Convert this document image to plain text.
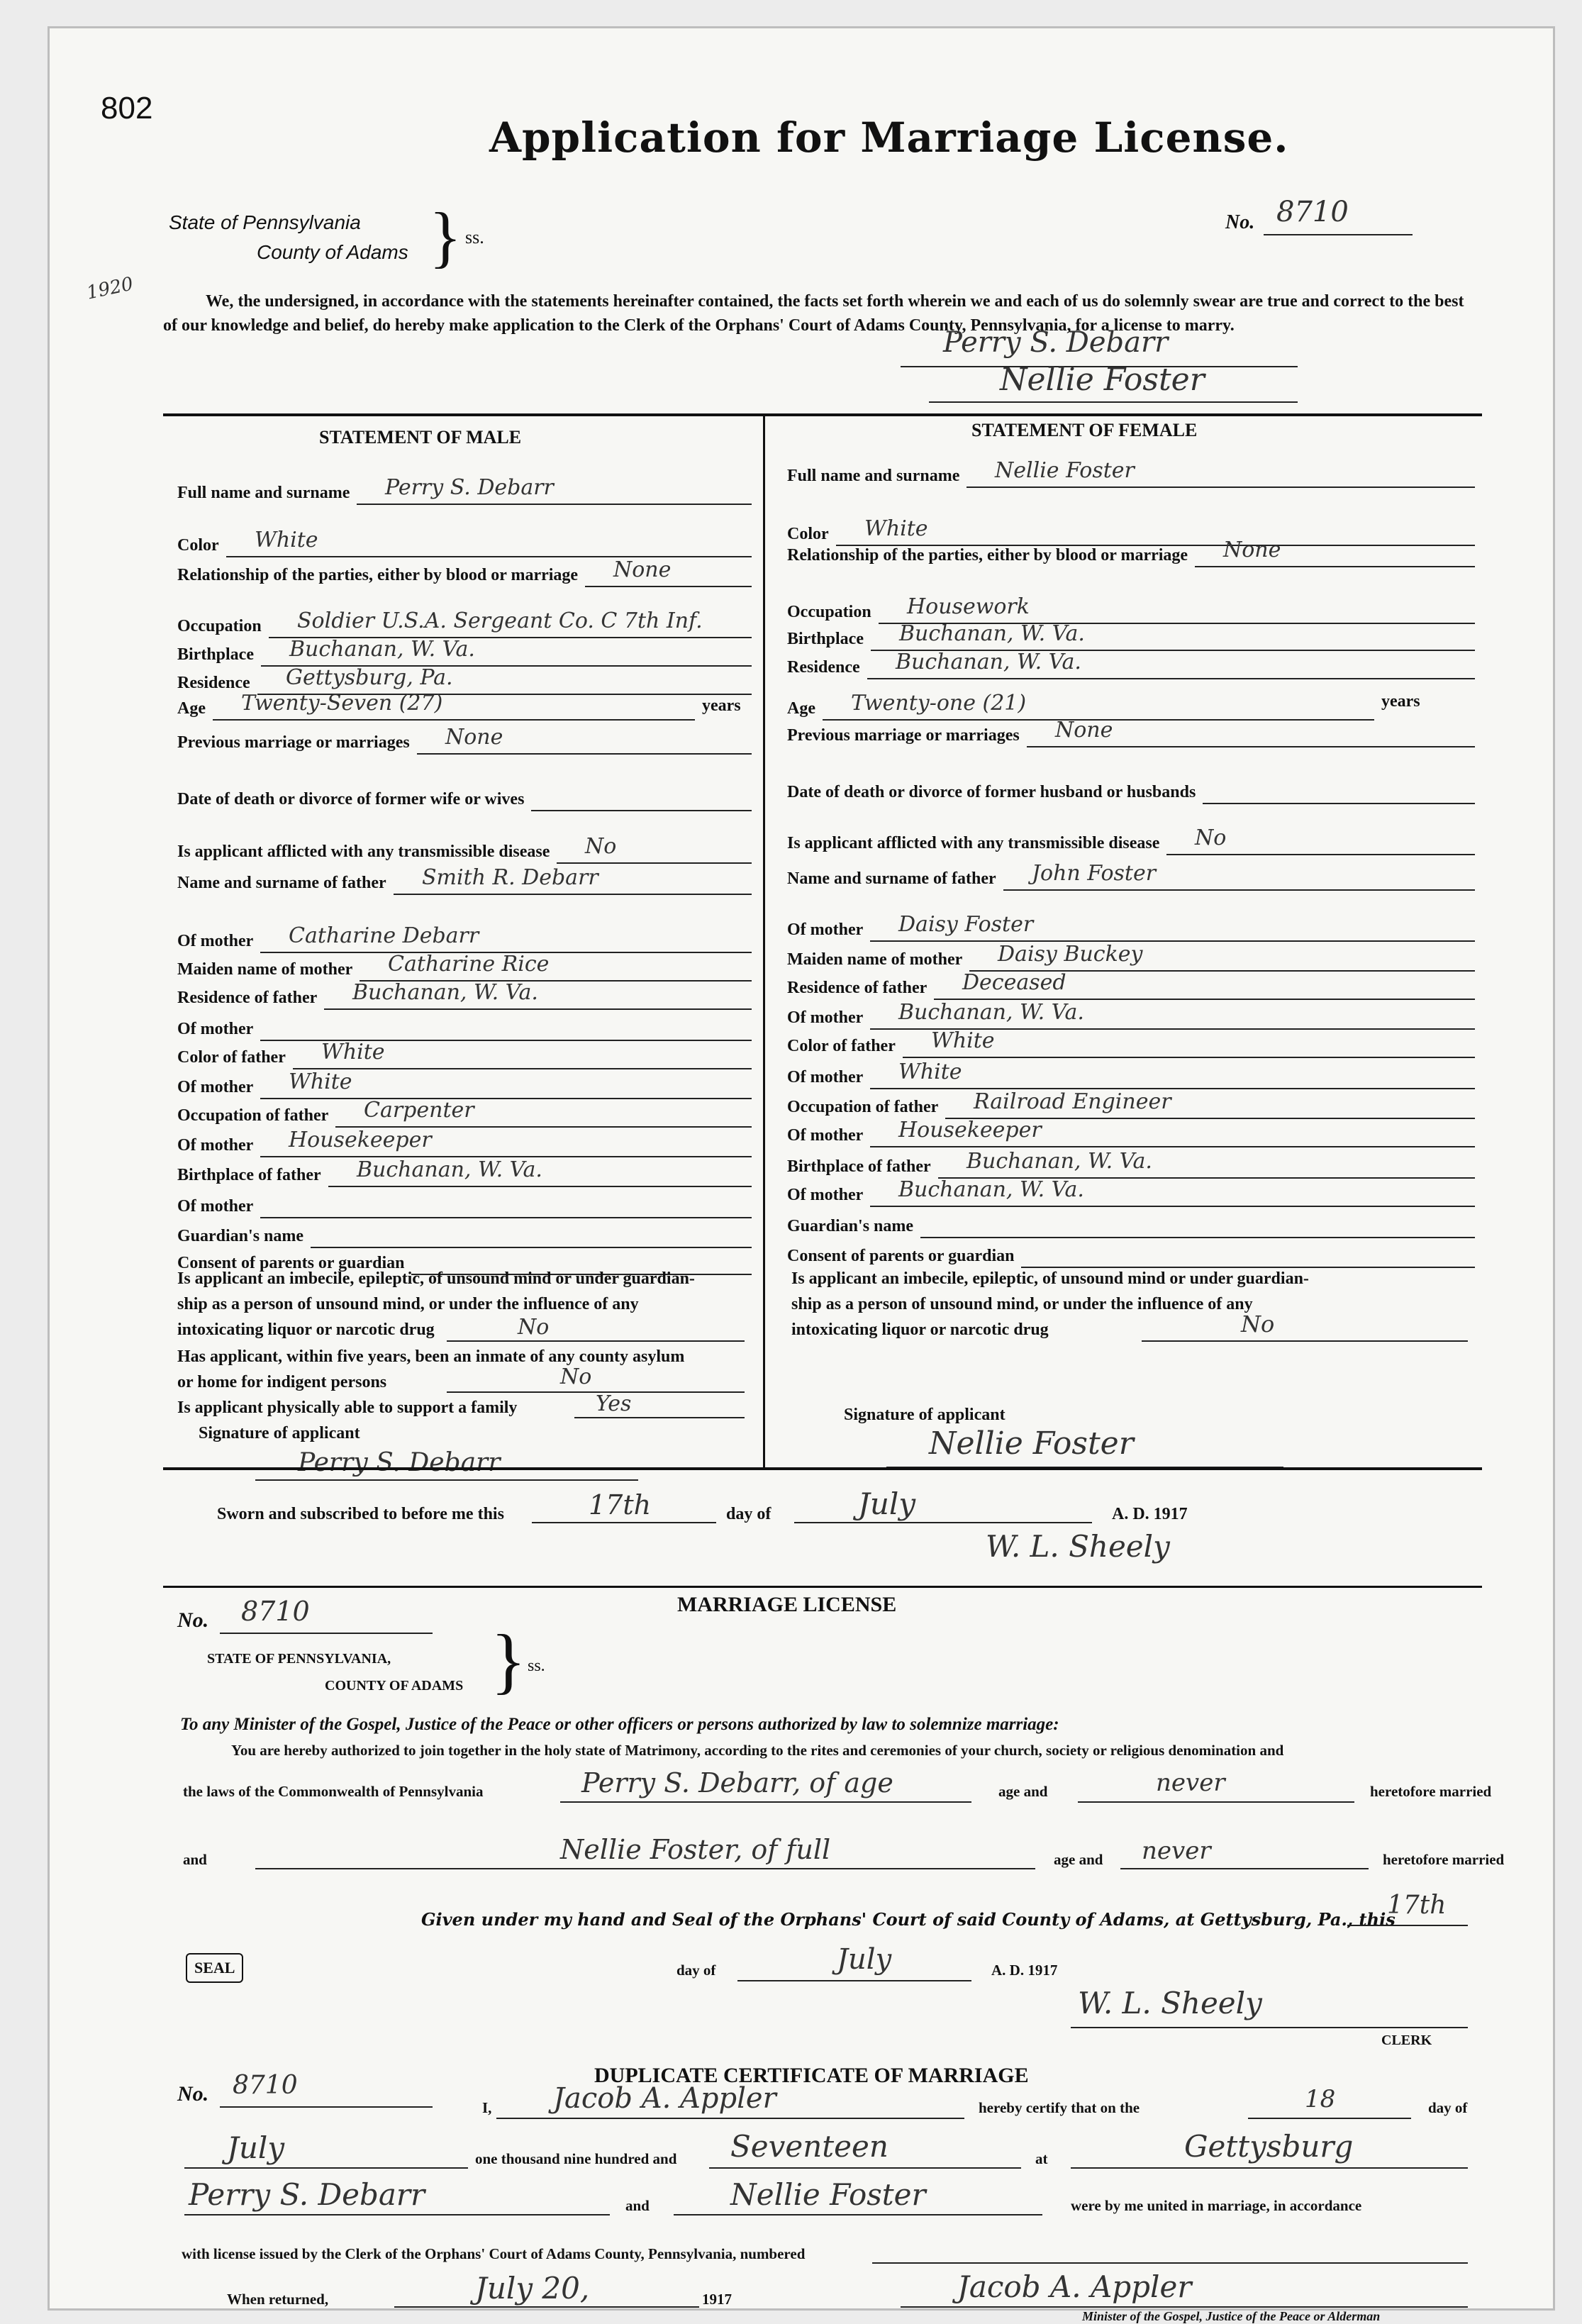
802
Application for Marriage License.
State of Pennsylvania
County of Adams } ss.
1920
No. 8710
We, the undersigned, in accordance with the statements hereinafter contained, the facts set forth wherein we and each of us do solemnly swear are true and correct to the best of our knowledge and belief, do hereby make application to the Clerk of the Orphans' Court of Adams County, Pennsylvania, for a license to marry.
Perry S. Debarr
Nellie Foster
STATEMENT OF MALE
Full name and surname Perry S. Debarr
Color White
Relationship of the parties, either by blood or marriage None
Occupation Soldier U.S.A. Sergeant Co. C 7th Inf.
Birthplace Buchanan, W. Va.
Residence Gettysburg, Pa.
Age Twenty-Seven (27)
Previous marriage or marriages None
Date of death or divorce of former wife or wives
Is applicant afflicted with any transmissible disease No
Name and surname of father Smith R. Debarr
Of mother Catharine Debarr
Maiden name of mother Catharine Rice
Residence of father Buchanan, W. Va.
Of mother
Color of father White
Of mother White
Occupation of father Carpenter
Of mother Housekeeper
Birthplace of father Buchanan, W. Va.
Of mother
Guardian's name
Consent of parents or guardian
years
Is applicant an imbecile, epileptic, of unsound mind or under guardian-
ship as a person of unsound mind, or under the influence of any
intoxicating liquor or narcotic drug	No
Has applicant, within five years, been an inmate of any county asylum
or home for indigent persons	No
Is applicant physically able to support a family	Yes
Signature of applicant
Perry S. Debarr
STATEMENT OF FEMALE
Full name and surname Nellie Foster
Color White
Relationship of the parties, either by blood or marriage None
Occupation Housework
Birthplace Buchanan, W. Va.
Residence Buchanan, W. Va.
Age Twenty-one (21)
Previous marriage or marriages None
Date of death or divorce of former husband or husbands
Is applicant afflicted with any transmissible disease No
Name and surname of father John Foster
Of mother Daisy Foster
Maiden name of mother Daisy Buckey
Residence of father Deceased
Of mother Buchanan, W. Va.
Color of father White
Of mother White
Occupation of father Railroad Engineer
Of mother Housekeeper
Birthplace of father Buchanan, W. Va.
Of mother Buchanan, W. Va.
Guardian's name
Consent of parents or guardian
years
Is applicant an imbecile, epileptic, of unsound mind or under guardian-
ship as a person of unsound mind, or under the influence of any
intoxicating liquor or narcotic drug	No
Signature of applicant
Nellie Foster
Sworn and subscribed to before me this	17th	day of	July	A. D. 1917
W. L. Sheely
No. 8710	MARRIAGE LICENSE
STATE OF PENNSYLVANIA,
COUNTY OF ADAMS } ss.
To any Minister of the Gospel, Justice of the Peace or other officers or persons authorized by law to solemnize marriage:
You are hereby authorized to join together in the holy state of Matrimony, according to the rites and ceremonies of your church, society or religious denomination and
the laws of the Commonwealth of Pennsylvania	Perry S. Debarr, of age	age and	never	heretofore married
and	Nellie Foster, of full	age and never	heretofore married
Given under my hand and Seal of the Orphans' Court of said County of Adams, at Gettysburg, Pa., this
17th
day of	July	A. D. 1917
SEAL
W. L. Sheely
CLERK
No. 8710	DUPLICATE CERTIFICATE OF MARRIAGE
I, Jacob A. Appler	hereby certify that on the	18	day of
July	one thousand nine hundred and Seventeen	at	Gettysburg
Perry S. Debarr	and	Nellie Foster	were by me united in marriage, in accordance
with license issued by the Clerk of the Orphans' Court of Adams County, Pennsylvania, numbered
When returned,	July 20,	1917	Jacob A. Appler
Minister of the Gospel, Justice of the Peace or Alderman
